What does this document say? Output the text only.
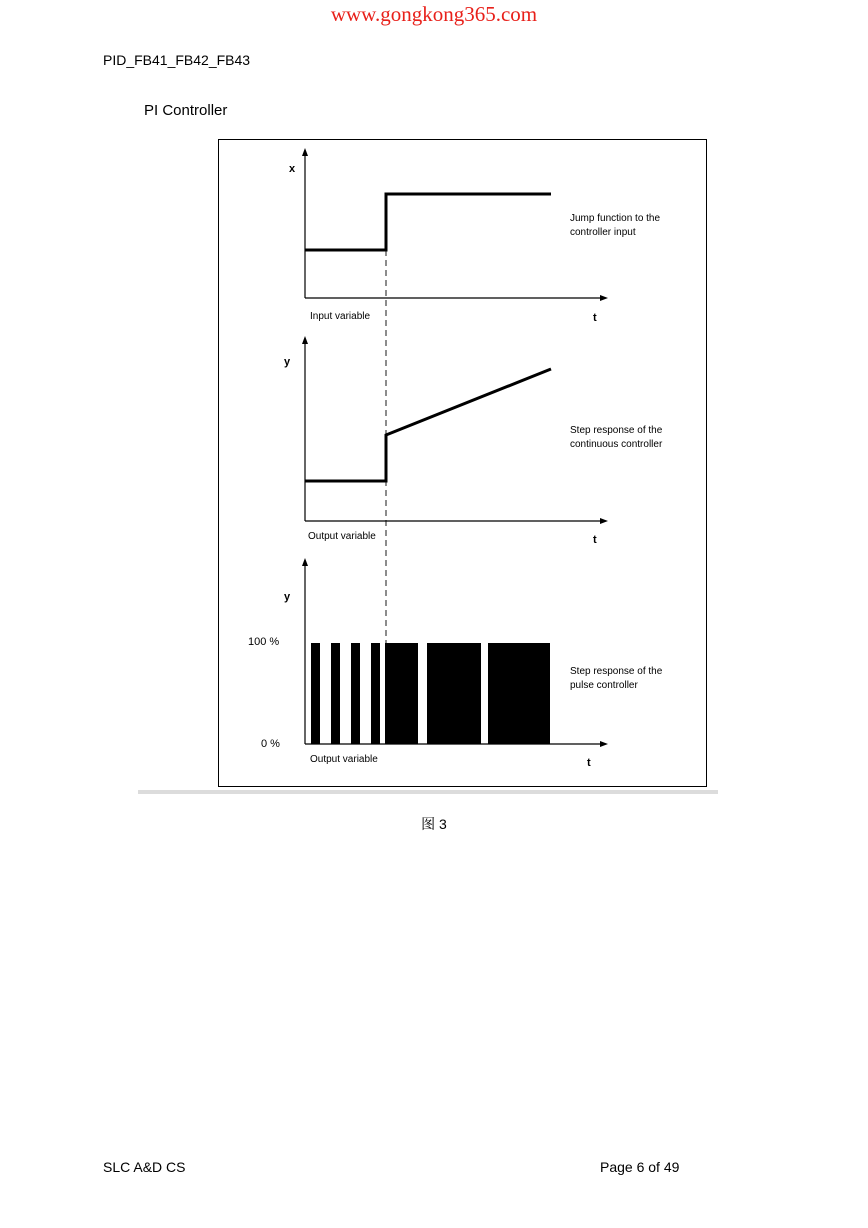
www.gongkong365.com
PID_FB41_FB42_FB43
PI Controller
x
t
Input variable
Jump function to the
controller input
y
t
Output variable
Step response of the
continuous controller
y
100 %
0 %
t
Output variable
Step response of the
pulse controller
图 3
SLC A&D CS	Page 6 of 49
